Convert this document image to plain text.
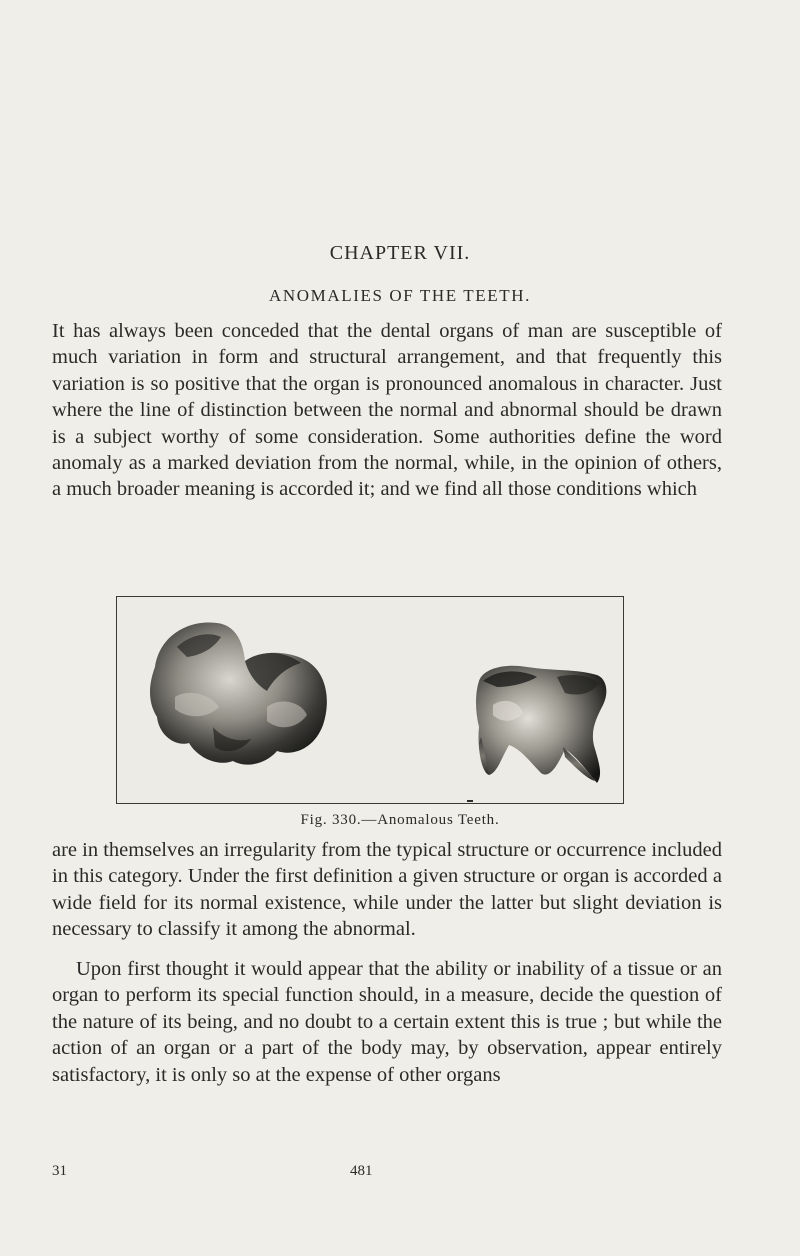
CHAPTER VII.
ANOMALIES OF THE TEETH.

It has always been conceded that the dental organs of man are susceptible of much variation in form and structural arrangement, and that frequently this variation is so positive that the organ is pronounced anomalous in character. Just where the line of distinction between the normal and abnormal should be drawn is a subject worthy of some consideration. Some authorities define the word anomaly as a marked deviation from the normal, while, in the opinion of others, a much broader meaning is accorded it; and we find all those conditions which

Fig. 330.—Anomalous Teeth.

are in themselves an irregularity from the typical structure or occurrence included in this category. Under the first definition a given structure or organ is accorded a wide field for its normal existence, while under the latter but slight deviation is necessary to classify it among the abnormal.

Upon first thought it would appear that the ability or inability of a tissue or an organ to perform its special function should, in a measure, decide the question of the nature of its being, and no doubt to a certain extent this is true ; but while the action of an organ or a part of the body may, by observation, appear entirely satisfactory, it is only so at the expense of other organs

31	481
